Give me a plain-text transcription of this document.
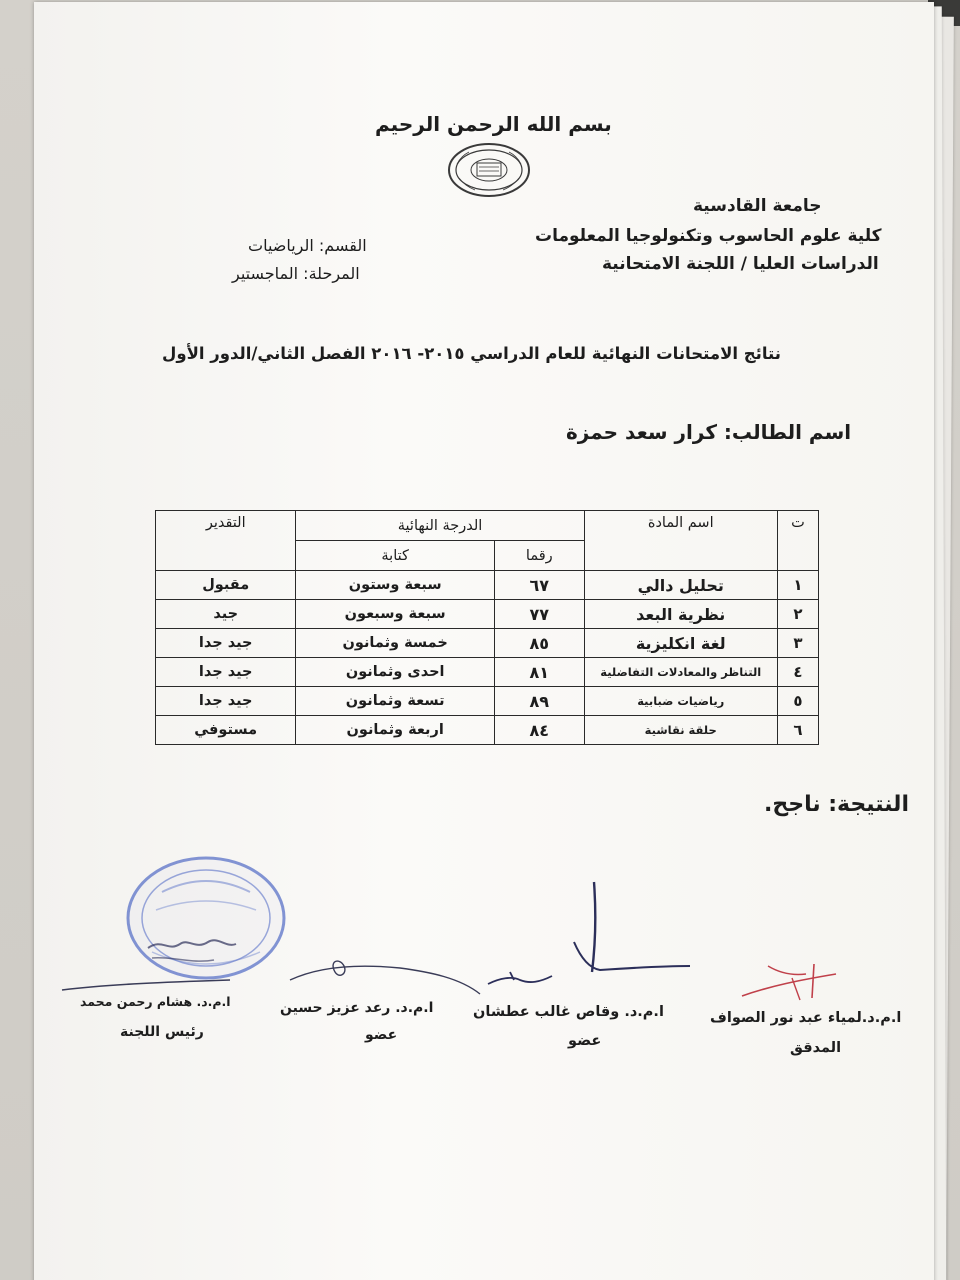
بسم الله الرحمن الرحيم
جامعة القادسية
كلية علوم الحاسوب وتكنولوجيا المعلومات
الدراسات العليا / اللجنة الامتحانية
القسم: الرياضيات
المرحلة: الماجستير
نتائج الامتحانات النهائية للعام الدراسي ٢٠١٥- ٢٠١٦ الفصل الثاني/الدور الأول
اسم الطالب: كرار سعد حمزة
ت	اسم المادة	الدرجة النهائية		التقدير
		رقما	كتابة	
١	تحليل دالي	٦٧	سبعة وستون	مقبول
٢	نظرية البعد	٧٧	سبعة وسبعون	جيد
٣	لغة انكليزية	٨٥	خمسة وثمانون	جيد جدا
٤	التناظر والمعادلات التفاضلية	٨١	احدى وثمانون	جيد جدا
٥	رياضيات ضبابية	٨٩	تسعة وثمانون	جيد جدا
٦	حلقة نقاشية	٨٤	اربعة وثمانون	مستوفي
النتيجة: ناجح.
ا.م.د. هشام رحمن محمد
رئيس اللجنة
ا.م.د. رعد عزيز حسين
عضو
ا.م.د. وقاص غالب عطشان
عضو
ا.م.د.لمياء عبد نور الصواف
المدقق
